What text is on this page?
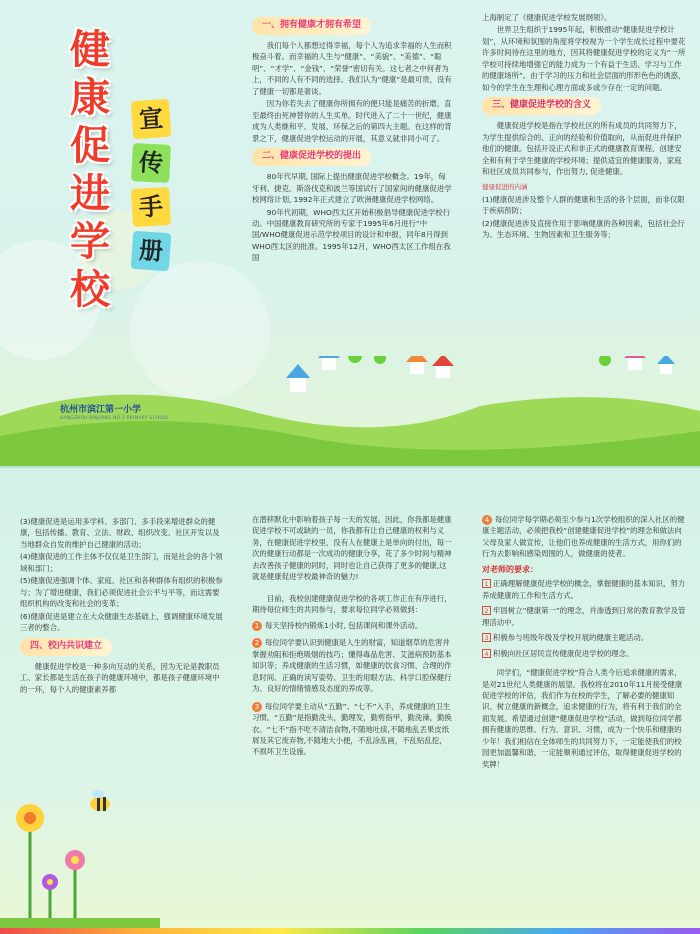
健
康
促
进
学
校
宣
传
手
册
杭州市滨江第一小学
HANGZHOU BINJIANG NO.1 PRIMARY SCHOOL
一、拥有健康才拥有希望

我们每个人都想过得幸福，每个人为追求幸福的人生而积极奋斗着。而幸福的人生与“健康”、“美貌”、“美德”、“聪明”、“才学”、“金钱”、“荣誉”密切有关。这七者之中何者为上，不同的人有不同的选择。我们认为“健康”是最可贵，没有了健康一切都是奢谈。

因为你若失去了健康你所拥有的便只能是痛苦的折磨，直至最终由死神替你的人生买单。时代进入了二十一世纪，健康成为人类继和平、发展、环保之后的第四大主题。在这样的背景之下，健康促进学校运动的开展，其意义就非同小可了。

二、健康促进学校的提出

80年代早期, 国际上提出健康促进学校概念。19年，匈牙利、捷克、斯洛伐克和波兰等国试行了国家间的健康促进学校网络计划, 1992年正式建立了欧洲健康促进学校网络。

90年代初期，WHO西太区开始积极倡导健康促进学校行动。中国健康教育研究所的专家于1995年6月进行“中国/WHO健康促进示范学校项目的设计和申报，同年8月得到WHO西太区的批准。1995年12月，WHO西太区工作组在我国

上海制定了《健康促进学校发展纲领》。

世界卫生组织于1995年起，积极推动“健康促进学校计划”，从环境和氛围的角度将学校视为一个学生成长过程中要花许多时间待在这里的地方，因其将健康促进学校的定义为“一所学校可持续地增强它的能力成为一个有益于生活、学习与工作的健康场所”。由于学习的压力和社会层面的形形色色的诱惑，如今的学生在生理和心理方面或多或少存在一定的问题。

三、健康促进学校的含义

健康促进学校是指在学校社区的所有成员的共同努力下，为学生提供综合的、正向的经验和价值取向，从而促进并保护他们的健康。包括开设正式和非正式的健康教育课程、创建安全和有利于学生健康的学校环境；提供适宜的健康服务，家庭和社区成员共同参与，作出努力, 促进健康。

健康促进的内涵

(1)健康促进涉及整个人群的健康和生活的各个层面，而非仅限于疾病预防；

(2)健康促进涉及直接作用于影响健康的各种因素，包括社会行为、生态环境、生物因素和卫生服务等；

(3)健康促进是运用多学科、多部门、多手段来增进群众的健康，包括传播、教育、立法、财政、组织改变、社区开发以及当地群众自发的维护自己健康的活动；

(4)健康促进的工作主体不仅仅是卫生部门，而是社会的各个领域和部门；

(5)健康促进强调个体、家庭、社区和各种群体有组织的积极参与；为了增进健康，我们必须促进社会公平与平等，而这需要组织机构的改变和社会的变革；

(6)健康促进是建立在大众健康生态基础上，强调健康环境发展三者的整合。

四、校内共识建立

健康促进学校是一种多向互动的关系，因为无论是教职员工、家长都是生活在孩子的健康环境中，都是孩子健康环境中的一环，每个人的健康素养都

在潜移默化中影响着孩子每一天的发展。因此，你我都是健康促进学校不可或缺的一员，你我都有让自己健康的权利与义务，在健康促进学校里，没有人在健康上是单向的付出，每一次的健康行动都是一次成功的健康分享，花了多少时间与精神去改善孩子健康的同时，同时也让自己获得了更多的健康,这就是健康促进学校最神奇的魅力!

目前，我校创建健康促进学校的各项工作正在有序进行，期待每位师生的共同参与，要求每位同学必须做到：

1 每天坚持校内锻炼1小时, 包括课间和课外活动。

2 每位同学要认识到健康是人生的财富，知道烟草的危害并掌握劝阻和拒绝吸烟的技巧；懂得毒品危害、艾滋病预防基本知识等；养成健康的生活习惯，如健康的饮食习惯、合理的作息时间、正确的读写姿势、卫生的用眼方法、科学口腔保健行为、良好的情绪情感及态度的养成等。

3 每位同学要主动从“五勤”、“七不”入手，养成健康的卫生习惯。“五勤”是指勤洗头，勤理发，勤剪指甲，勤洗澡，勤换衣。“七不”指不吃不清洁食物,不随地吐痰,不随地乱丢果皮纸屑及其它废弃物,不随地大小便，不乱涂乱画，不乱贴乱挖，不损坏卫生设施。

4 每位同学每学期必须至少参与1次学校组织的深入社区的健康主题活动，必须把我校“创建健康促进学校”的理念和做法向父母及家人做宣传，让他们也养成健康的生活方式，用你们的行为去影响和感染周围的人，做健康的使者。

对老师的要求：

1 正确理解健康促进学校的概念，掌握健康的基本知识，努力养成健康的工作和生活方式。

2 牢固树立“健康第一”的理念，并渗透到日常的教育教学及管理活动中。

3 积极参与班级年级及学校开展的健康主题活动。

4 积极向社区居民宣传健康促进学校的理念。

同学们，“健康促进学校”符合人类今后追求健康的需求，是对21世纪人类健康的展望。我校将在2010年11月接受健康促进学校的评估，我们作为在校的学生，了解必要的健康知识、树立健康的新概念，追求健康的行为，将有利于我们的全面发展。希望通过创建“健康促进学校”活动，做到每位同学都拥有健康的思维、行为、意识、习惯，成为一个快乐和健康的少年！我们相信在全体师生的共同努力下，一定能使我们的校园更加温馨和谐，一定能顺利通过评估，取得健康促进学校的奖牌！
